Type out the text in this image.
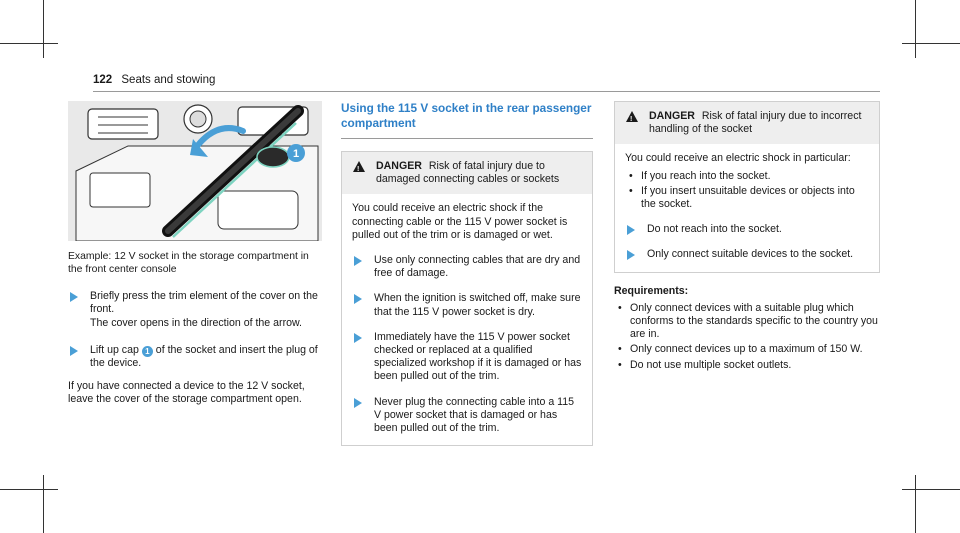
122 Seats and stowing
1
Example: 12 V socket in the storage compartment in the front center console
Briefly press the trim element of the cover on the front.
The cover opens in the direction of the arrow.
Lift up cap 1 of the socket and insert the plug of the device.
If you have connected a device to the 12 V socket, leave the cover of the storage compartment open.
Using the 115 V socket in the rear passenger compartment
!
DANGER Risk of fatal injury due to damaged connecting cables or sockets
You could receive an electric shock if the connecting cable or the 115 V power socket is pulled out of the trim or is damaged or wet.
Use only connecting cables that are dry and free of damage.
When the ignition is switched off, make sure that the 115 V power socket is dry.
Immediately have the 115 V power socket checked or replaced at a qualified specialized workshop if it is damaged or has been pulled out of the trim.
Never plug the connecting cable into a 115 V power socket that is damaged or has been pulled out of the trim.
!
DANGER Risk of fatal injury due to incorrect handling of the socket
You could receive an electric shock in particular:
• If you reach into the socket.
• If you insert unsuitable devices or objects into the socket.
Do not reach into the socket.
Only connect suitable devices to the socket.
Requirements:
• Only connect devices with a suitable plug which conforms to the standards specific to the country you are in.
• Only connect devices up to a maximum of 150 W.
• Do not use multiple socket outlets.
